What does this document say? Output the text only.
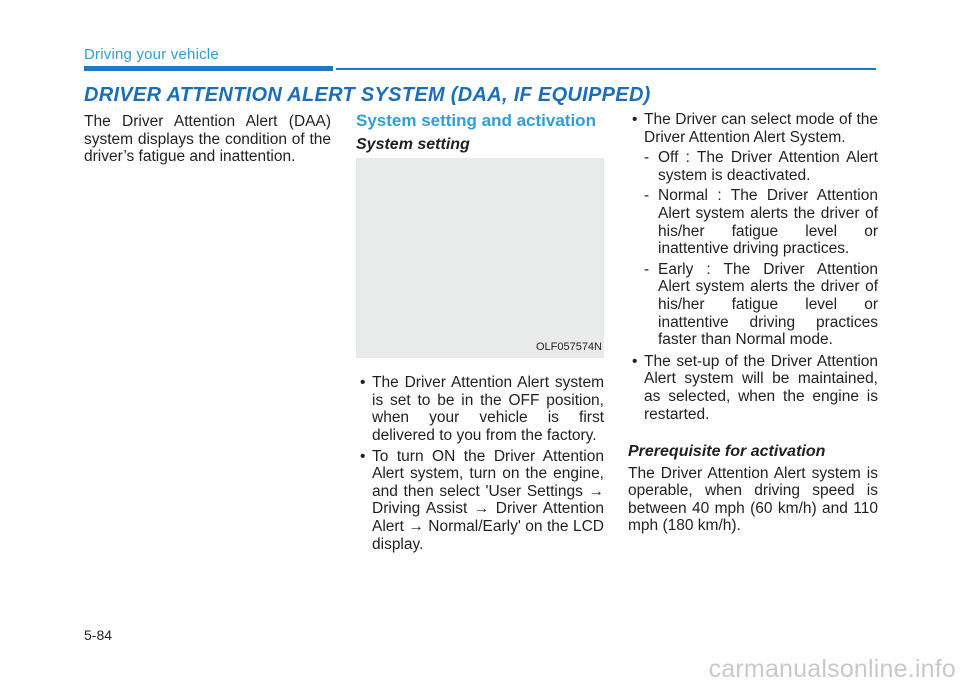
Driving your vehicle
DRIVER ATTENTION ALERT SYSTEM (DAA, IF EQUIPPED)

The Driver Attention Alert (DAA) system displays the condition of the driver’s fatigue and inattention.

System setting and activation
System setting
OLF057574N
• The Driver Attention Alert system is set to be in the OFF position, when your vehicle is first delivered to you from the factory.
• To turn ON the Driver Attention Alert system, turn on the engine, and then select 'User Settings → Driving Assist → Driver Attention Alert → Normal/Early' on the LCD display.
• The Driver can select mode of the Driver Attention Alert System.
- Off : The Driver Attention Alert system is deactivated.
- Normal : The Driver Attention Alert system alerts the driver of his/her fatigue level or inattentive driving practices.
- Early : The Driver Attention Alert system alerts the driver of his/her fatigue level or inattentive driving practices faster than Normal mode.
• The set-up of the Driver Attention Alert system will be maintained, as selected, when the engine is restarted.
Prerequisite for activation

The Driver Attention Alert system is operable, when driving speed is between 40 mph (60 km/h) and 110 mph (180 km/h).

5-84
carmanualsonline.info
